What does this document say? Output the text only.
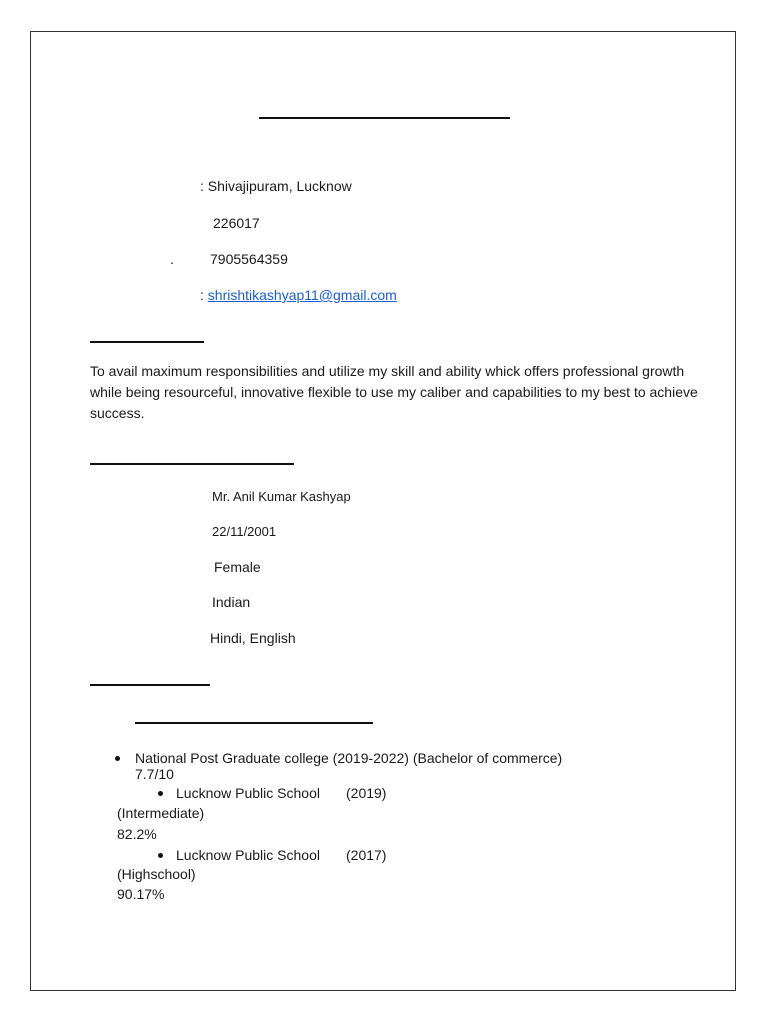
: Shivajipuram, Lucknow
226017
.	7905564359
: shrishtikashyap11@gmail.com
To avail maximum responsibilities and utilize my skill and ability whick offers professional growth while being resourceful, innovative flexible to use my caliber and capabilities to my best to achieve success.
Mr. Anil Kumar Kashyap
22/11/2001
Female
Indian
Hindi, English
National Post Graduate college (2019-2022) (Bachelor of commerce)
7.7/10
Lucknow Public School (2019)
(Intermediate)
82.2%
Lucknow Public School (2017)
(Highschool)
90.17%
